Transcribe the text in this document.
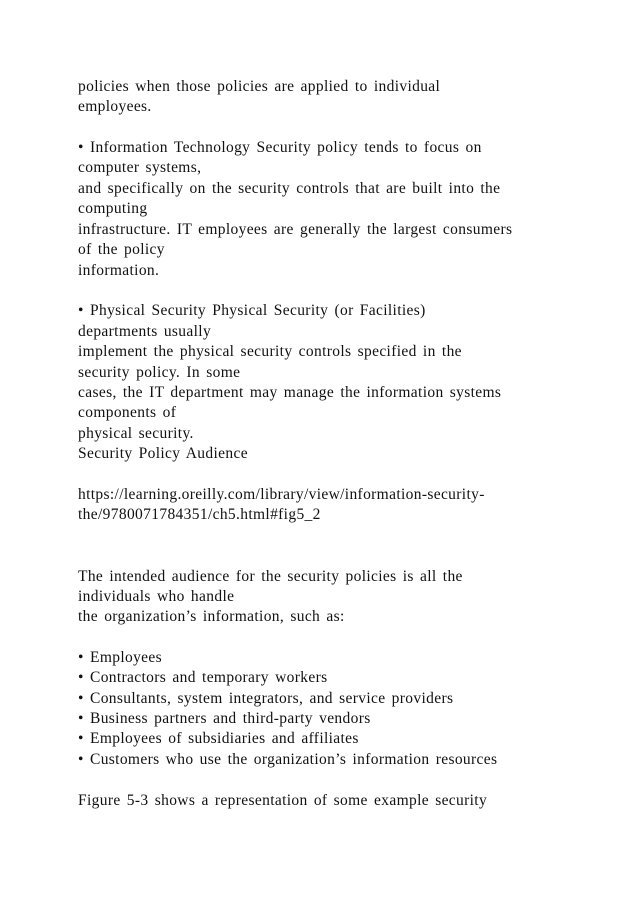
policies when those policies are applied to individual
employees.
• Information Technology Security policy tends to focus on
computer systems,
and specifically on the security controls that are built into the
computing
infrastructure. IT employees are generally the largest consumers
of the policy
information.
• Physical Security Physical Security (or Facilities)
departments usually
implement the physical security controls specified in the
security policy. In some
cases, the IT department may manage the information systems
components of
physical security.
Security Policy Audience
https://learning.oreilly.com/library/view/information-security-
the/9780071784351/ch5.html#fig5_2
The intended audience for the security policies is all the
individuals who handle
the organization’s information, such as:
• Employees
• Contractors and temporary workers
• Consultants, system integrators, and service providers
• Business partners and third-party vendors
• Employees of subsidiaries and affiliates
• Customers who use the organization’s information resources
Figure 5-3 shows a representation of some example security
